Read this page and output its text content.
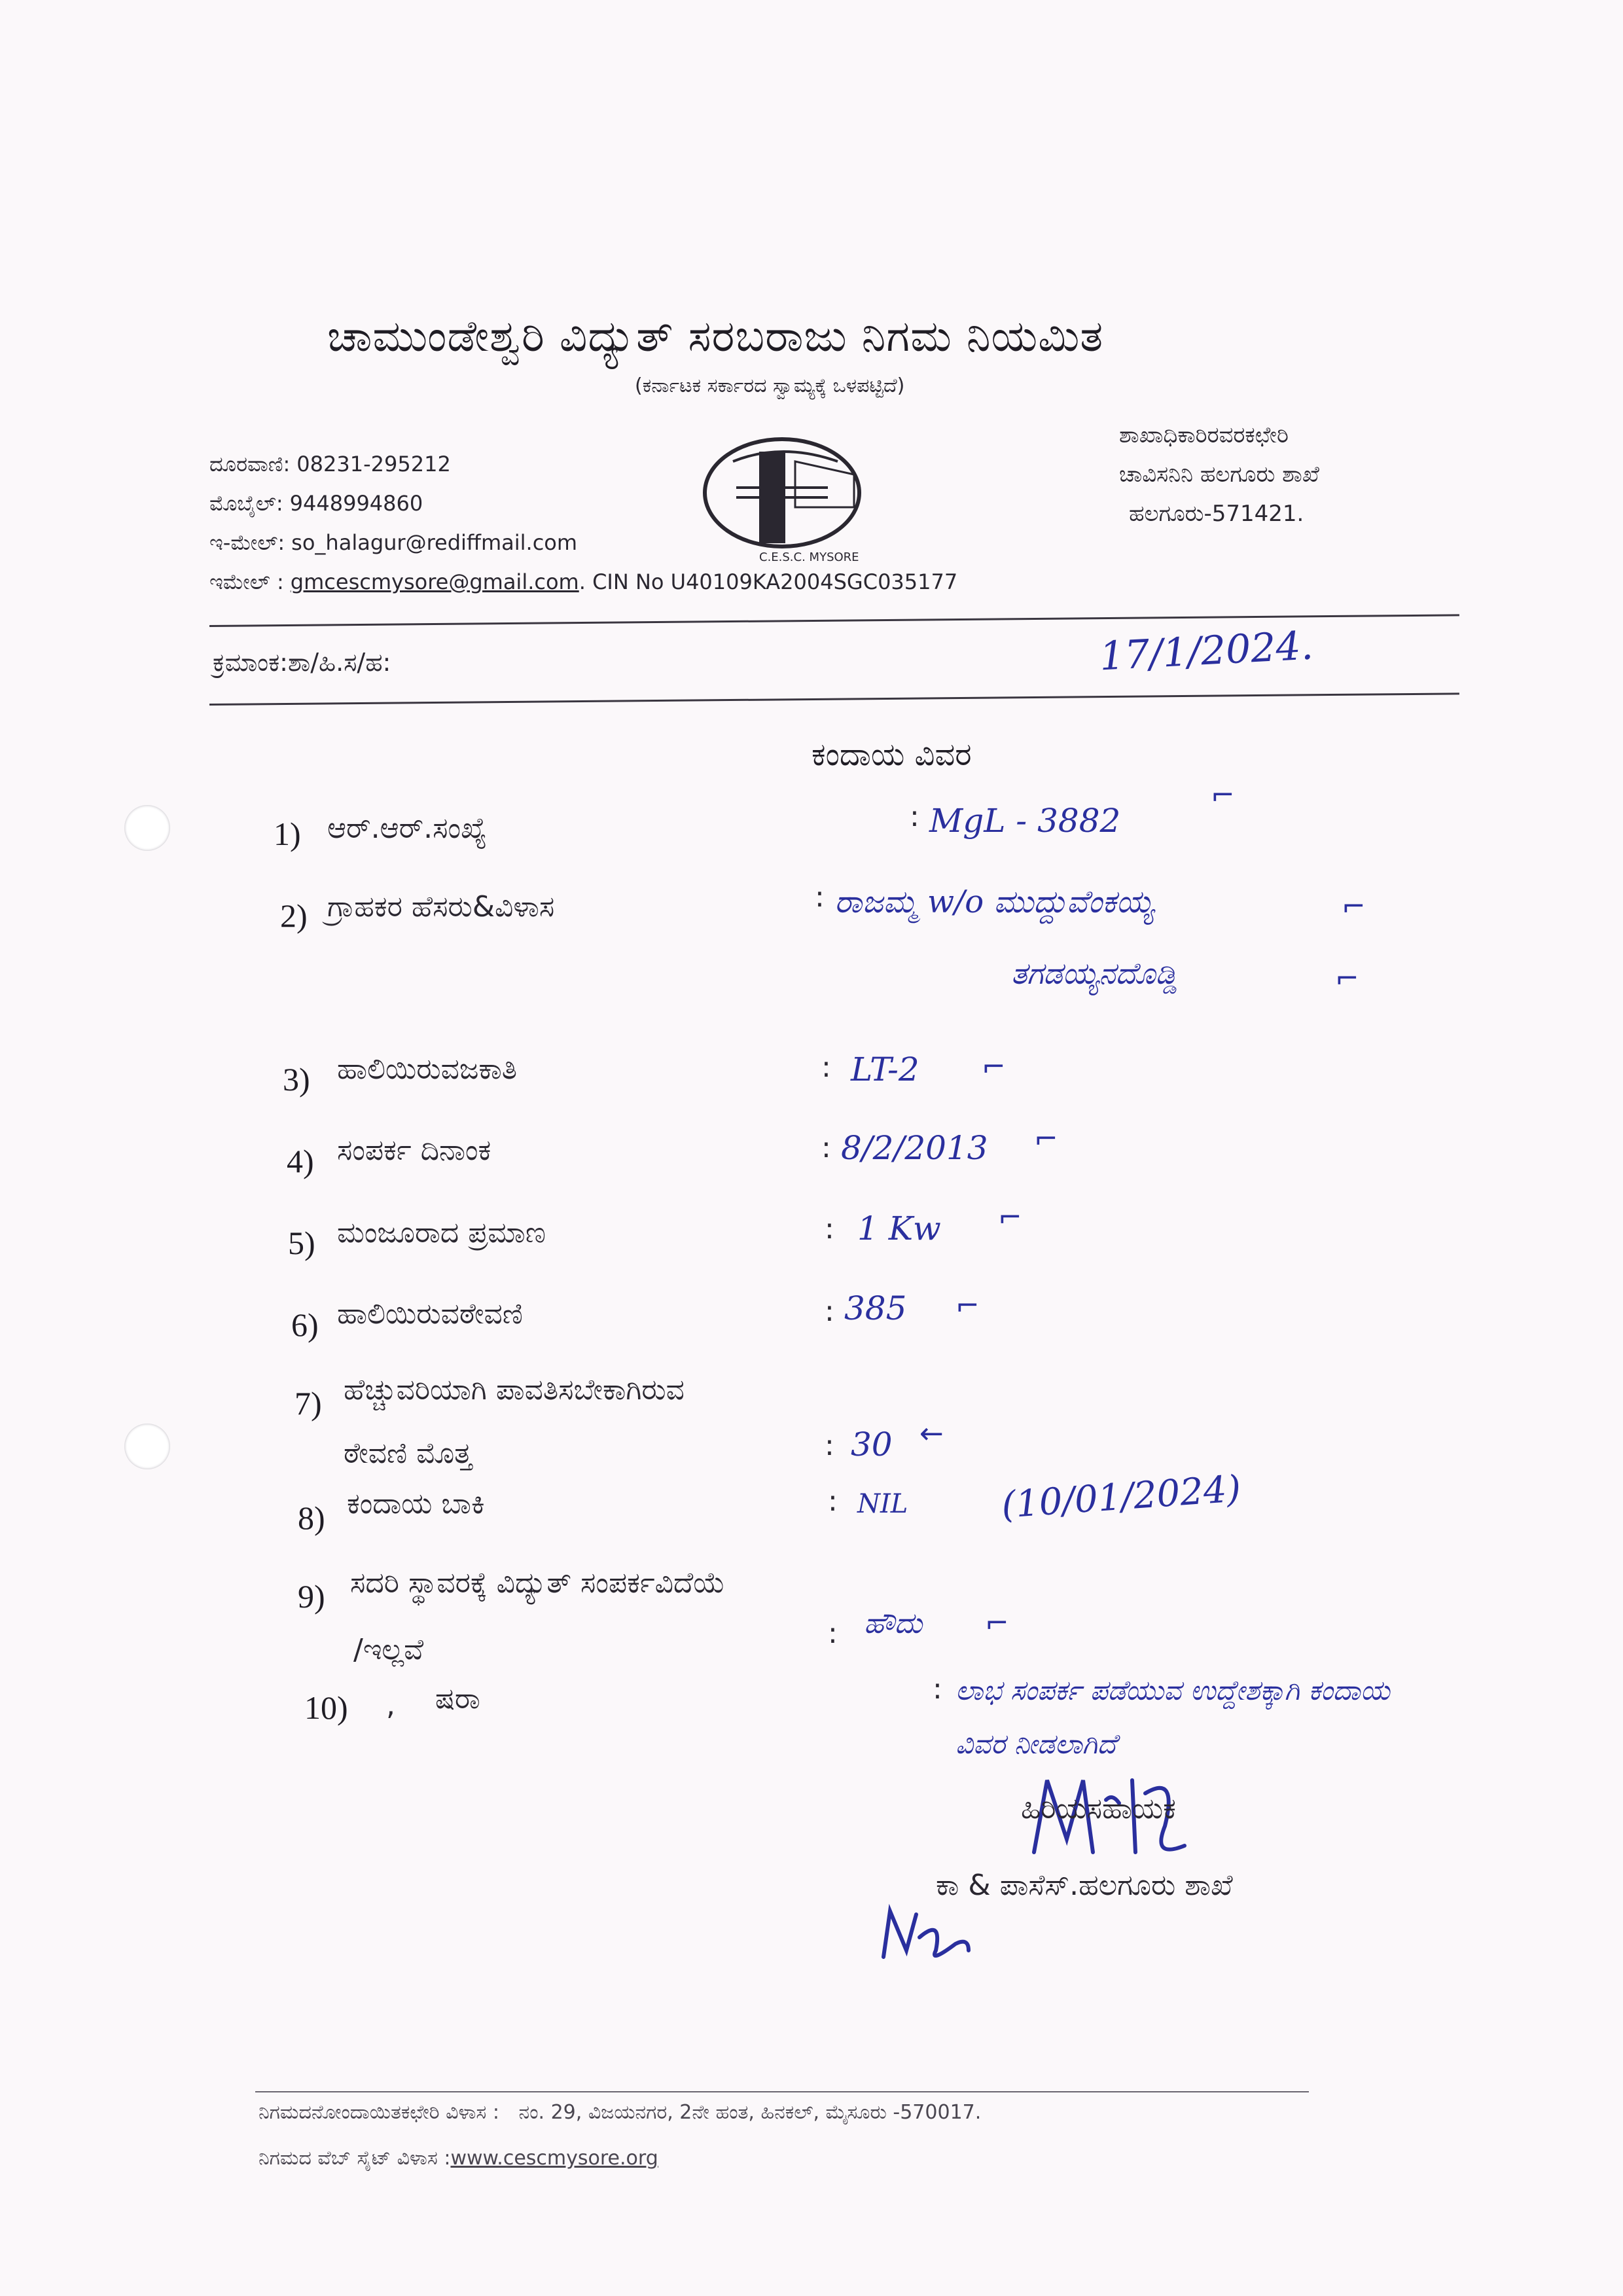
ಚಾಮುಂಡೇಶ್ವರಿ ವಿದ್ಯುತ್ ಸರಬರಾಜು ನಿಗಮ ನಿಯಮಿತ
(ಕರ್ನಾಟಕ ಸರ್ಕಾರದ ಸ್ವಾಮ್ಯಕ್ಕೆ ಒಳಪಟ್ಟಿದೆ)
ದೂರವಾಣಿ: 08231-295212
ಮೊಬೈಲ್: 9448994860
ಇ-ಮೇಲ್: so_halagur@rediffmail.com
ಇಮೇಲ್ : gmcescmysore@gmail.com. CIN No U40109KA2004SGC035177
C.E.S.C. MYSORE
ಶಾಖಾಧಿಕಾರಿರವರಕಛೇರಿ
ಚಾವಿಸನಿನಿ ಹಲಗೂರು ಶಾಖೆ
ಹಲಗೂರು-571421.
ಕ್ರಮಾಂಕ:ಶಾ/ಹಿ.ಸ/ಹ:	17/1/2024.
ಕಂದಾಯ ವಿವರ
1) ಆರ್.ಆರ್.ಸಂಖ್ಯೆ	: MgL - 3882
⌐
2) ಗ್ರಾಹಕರ ಹೆಸರು&ವಿಳಾಸ	: ರಾಜಮ್ಮ w/o ಮುದ್ದುವೆಂಕಯ್ಯ
ತಗಡಯ್ಯನದೊಡ್ಡಿ
⌐
⌐
3) ಹಾಲಿಯಿರುವಜಕಾತಿ	: LT-2 ⌐
4) ಸಂಪರ್ಕ ದಿನಾಂಕ	: 8/2/2013 ⌐
5) ಮಂಜೂರಾದ ಪ್ರಮಾಣ	: 1 Kw ⌐
6) ಹಾಲಿಯಿರುವಠೇವಣಿ	: 385 ⌐
7) ಹೆಚ್ಚುವರಿಯಾಗಿ ಪಾವತಿಸಬೇಕಾಗಿರುವ
ಠೇವಣಿ ಮೊತ್ತ	: 30 ←
8) ಕಂದಾಯ ಬಾಕಿ	: NIL	(10/01/2024)
9) ಸದರಿ ಸ್ಥಾವರಕ್ಕೆ ವಿದ್ಯುತ್ ಸಂಪರ್ಕವಿದೆಯೆ
/ಇಲ್ಲವೆ	: ಹೌದು ⌐
10) , ಷರಾ	: ಲಾಭ ಸಂಪರ್ಕ ಪಡೆಯುವ ಉದ್ದೇಶಕ್ಕಾಗಿ ಕಂದಾಯ
ವಿವರ ನೀಡಲಾಗಿದೆ
ಹಿರಿಯಸಹಾಯಕ
ಕಾ & ಪಾಸೆಸ್.ಹಲಗೂರು ಶಾಖೆ
ನಿಗಮದನೋಂದಾಯಿತಕಛೇರಿ ವಿಳಾಸ : ನಂ. 29, ವಿಜಯನಗರ, 2ನೇ ಹಂತ, ಹಿನಕಲ್, ಮೈಸೂರು -570017.
ನಿಗಮದ ವೆಬ್ ಸೈಟ್ ವಿಳಾಸ :www.cescmysore.org
